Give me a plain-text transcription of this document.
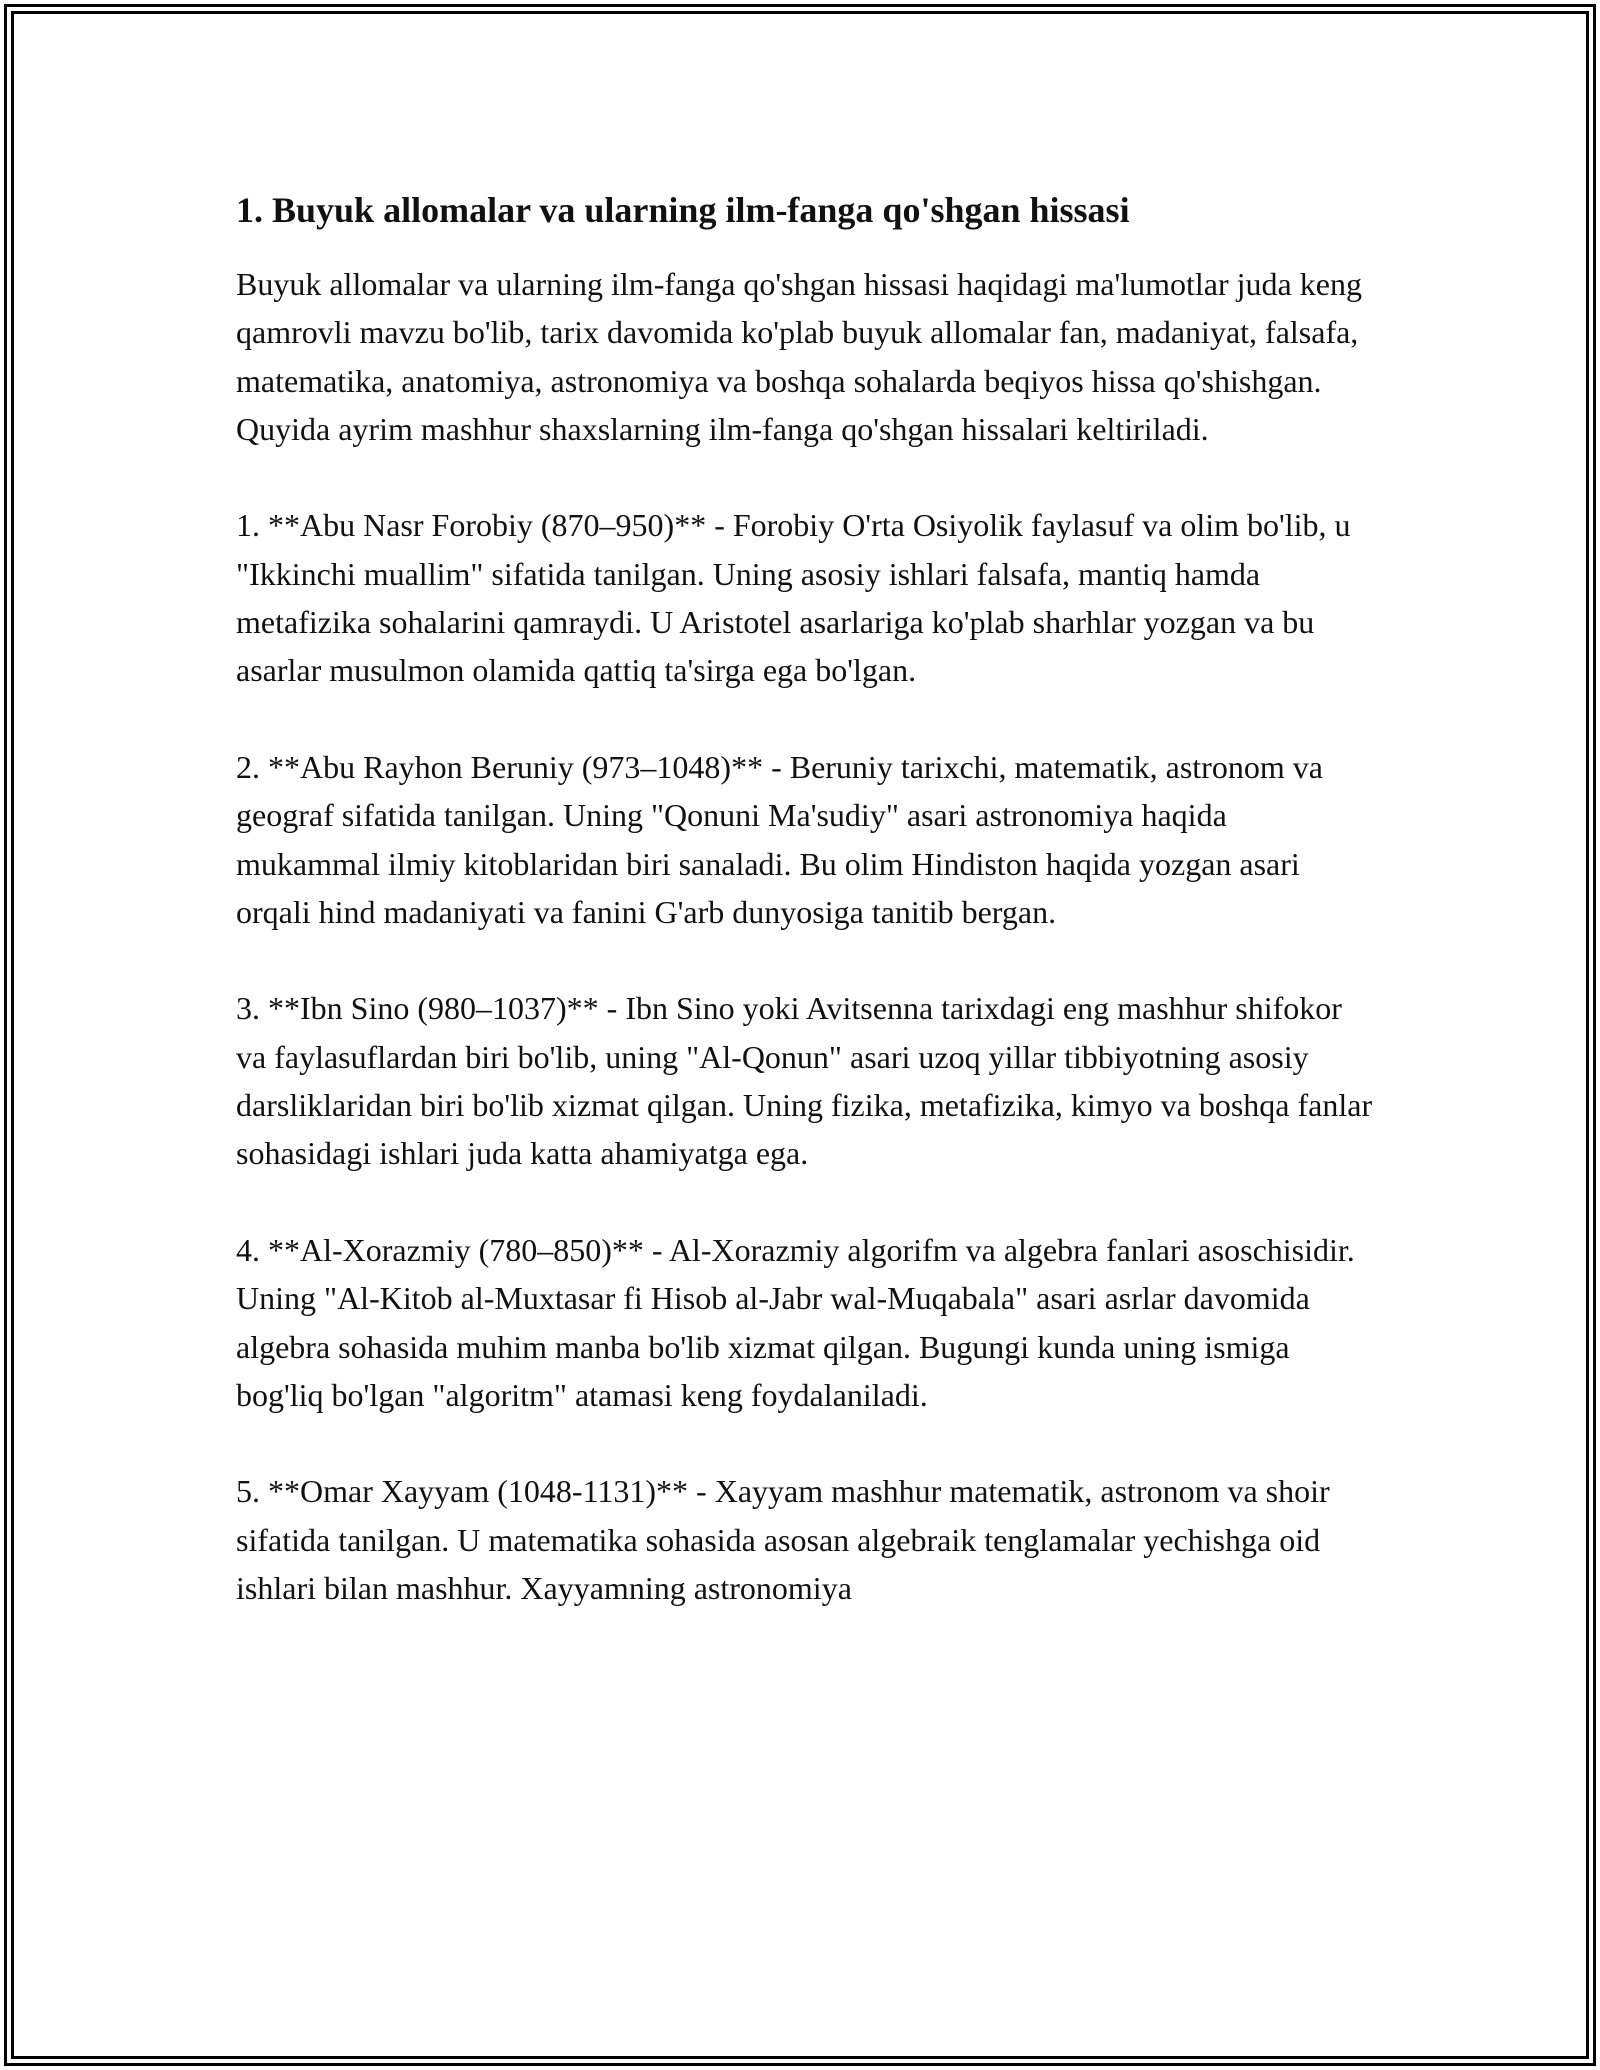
1. Buyuk allomalar va ularning ilm-fanga qo'shgan hissasi

Buyuk allomalar va ularning ilm-fanga qo'shgan hissasi haqidagi ma'lumotlar juda keng qamrovli mavzu bo'lib, tarix davomida ko'plab buyuk allomalar fan, madaniyat, falsafa, matematika, anatomiya, astronomiya va boshqa sohalarda beqiyos hissa qo'shishgan. Quyida ayrim mashhur shaxslarning ilm-fanga qo'shgan hissalari keltiriladi.

1. **Abu Nasr Forobiy (870–950)** - Forobiy O'rta Osiyolik faylasuf va olim bo'lib, u "Ikkinchi muallim" sifatida tanilgan. Uning asosiy ishlari falsafa, mantiq hamda metafizika sohalarini qamraydi. U Aristotel asarlariga ko'plab sharhlar yozgan va bu asarlar musulmon olamida qattiq ta'sirga ega bo'lgan.

2. **Abu Rayhon Beruniy (973–1048)** - Beruniy tarixchi, matematik, astronom va geograf sifatida tanilgan. Uning "Qonuni Ma'sudiy" asari astronomiya haqida mukammal ilmiy kitoblaridan biri sanaladi. Bu olim Hindiston haqida yozgan asari orqali hind madaniyati va fanini G'arb dunyosiga tanitib bergan.

3. **Ibn Sino (980–1037)** - Ibn Sino yoki Avitsenna tarixdagi eng mashhur shifokor va faylasuflardan biri bo'lib, uning "Al-Qonun" asari uzoq yillar tibbiyotning asosiy darsliklaridan biri bo'lib xizmat qilgan. Uning fizika, metafizika, kimyo va boshqa fanlar sohasidagi ishlari juda katta ahamiyatga ega.

4. **Al-Xorazmiy (780–850)** - Al-Xorazmiy algorifm va algebra fanlari asoschisidir. Uning "Al-Kitob al-Muxtasar fi Hisob al-Jabr wal-Muqabala" asari asrlar davomida algebra sohasida muhim manba bo'lib xizmat qilgan. Bugungi kunda uning ismiga bog'liq bo'lgan "algoritm" atamasi keng foydalaniladi.

5. **Omar Xayyam (1048-1131)** - Xayyam mashhur matematik, astronom va shoir sifatida tanilgan. U matematika sohasida asosan algebraik tenglamalar yechishga oid ishlari bilan mashhur. Xayyamning astronomiya
